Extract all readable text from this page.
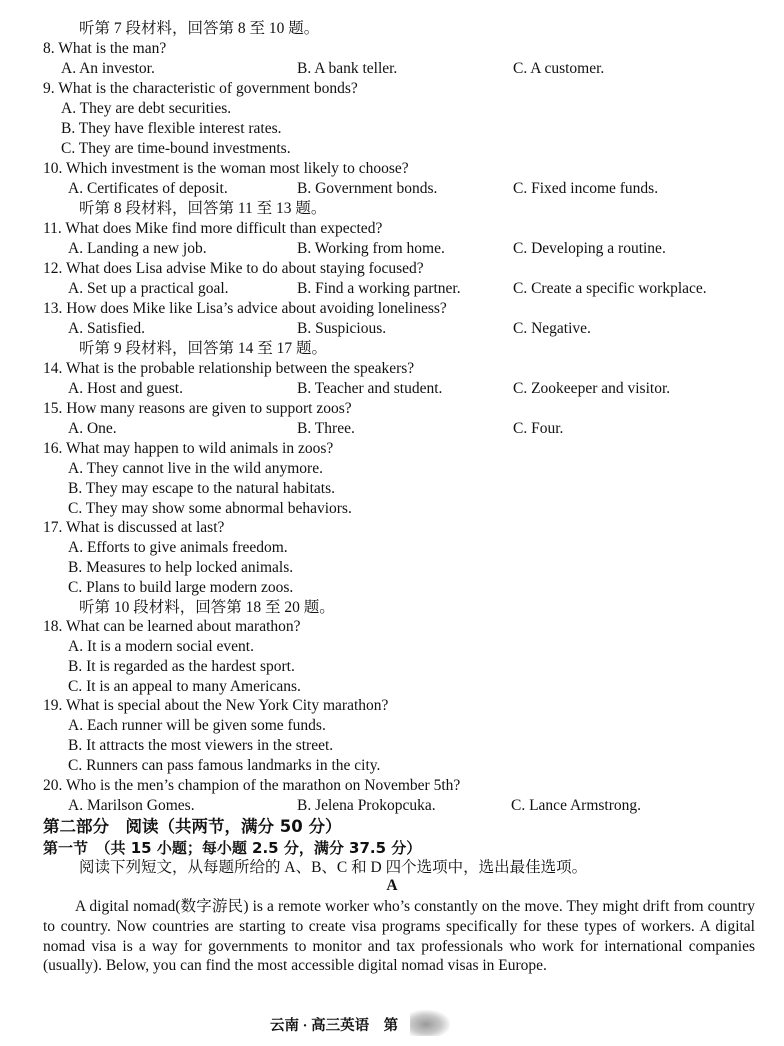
听第 7 段材料，回答第 8 至 10 题。
8. What is the man?
A. An investor.	B. A bank teller.	C. A customer.
9. What is the characteristic of government bonds?
A. They are debt securities.
B. They have flexible interest rates.
C. They are time-bound investments.
10. Which investment is the woman most likely to choose?
A. Certificates of deposit.	B. Government bonds.	C. Fixed income funds.
听第 8 段材料，回答第 11 至 13 题。
11. What does Mike find more difficult than expected?
A. Landing a new job.	B. Working from home.	C. Developing a routine.
12. What does Lisa advise Mike to do about staying focused?
A. Set up a practical goal.	B. Find a working partner.	C. Create a specific workplace.
13. How does Mike like Lisa’s advice about avoiding loneliness?
A. Satisfied.	B. Suspicious.	C. Negative.
听第 9 段材料，回答第 14 至 17 题。
14. What is the probable relationship between the speakers?
A. Host and guest.	B. Teacher and student.	C. Zookeeper and visitor.
15. How many reasons are given to support zoos?
A. One.	B. Three.	C. Four.
16. What may happen to wild animals in zoos?
A. They cannot live in the wild anymore.
B. They may escape to the natural habitats.
C. They may show some abnormal behaviors.
17. What is discussed at last?
A. Efforts to give animals freedom.
B. Measures to help locked animals.
C. Plans to build large modern zoos.
听第 10 段材料，回答第 18 至 20 题。
18. What can be learned about marathon?
A. It is a modern social event.
B. It is regarded as the hardest sport.
C. It is an appeal to many Americans.
19. What is special about the New York City marathon?
A. Each runner will be given some funds.
B. It attracts the most viewers in the street.
C. Runners can pass famous landmarks in the city.
20. Who is the men’s champion of the marathon on November 5th?
A. Marilson Gomes.	B. Jelena Prokopcuka.	C. Lance Armstrong.
第二部分　阅读（共两节，满分 50 分）
第一节　（共 15 小题；每小题 2.5 分，满分 37.5 分）
阅读下列短文，从每题所给的 A、B、C 和 D 四个选项中，选出最佳选项。
A
A digital nomad(数字游民) is a remote worker who’s constantly on the move. They might drift from country to country. Now countries are starting to create visa programs specifically for these types of workers. A digital nomad visa is a way for governments to monitor and tax professionals who work for international companies (usually). Below, you can find the most accessible digital nomad visas in Europe.
云南 · 高三英语　第
